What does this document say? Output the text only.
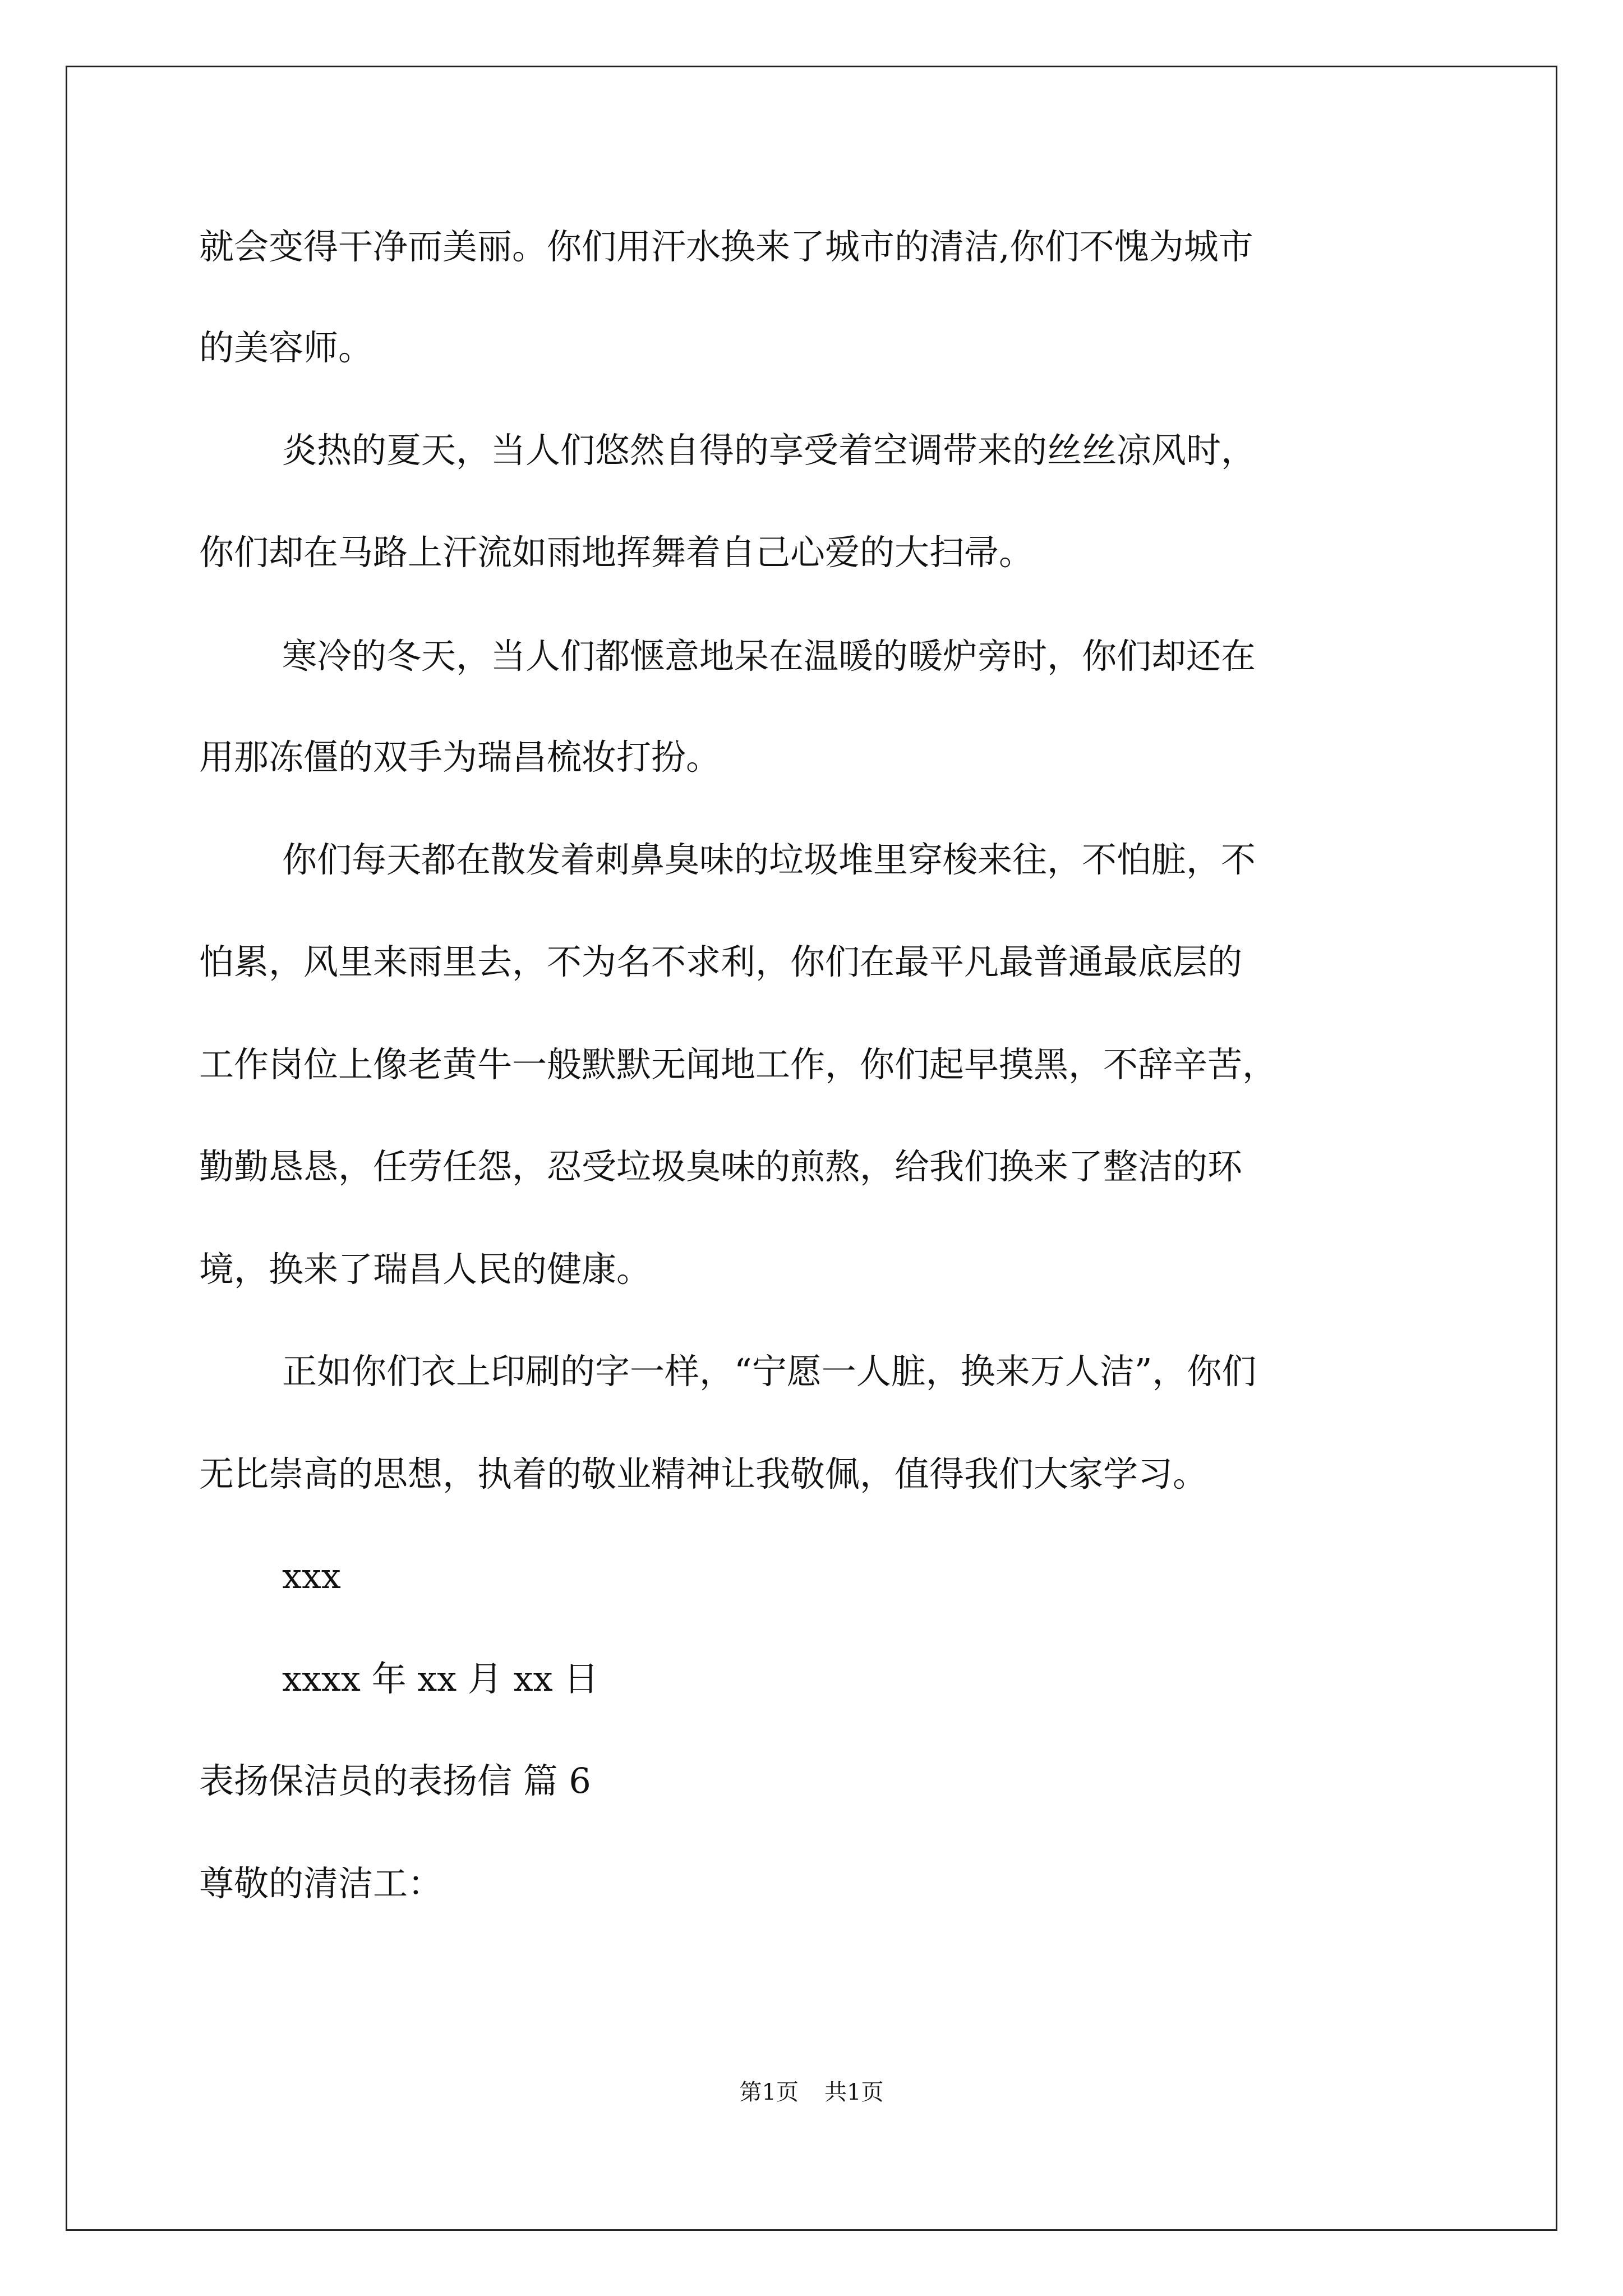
就会变得干净而美丽。你们用汗水换来了城市的清洁,你们不愧为城市
的美容师。
炎热的夏天，当人们悠然自得的享受着空调带来的丝丝凉风时，
你们却在马路上汗流如雨地挥舞着自己心爱的大扫帚。
寒冷的冬天，当人们都惬意地呆在温暖的暖炉旁时，你们却还在
用那冻僵的双手为瑞昌梳妆打扮。
你们每天都在散发着刺鼻臭味的垃圾堆里穿梭来往，不怕脏，不
怕累，风里来雨里去，不为名不求利，你们在最平凡最普通最底层的
工作岗位上像老黄牛一般默默无闻地工作，你们起早摸黑，不辞辛苦，
勤勤恳恳，任劳任怨，忍受垃圾臭味的煎熬，给我们换来了整洁的环
境，换来了瑞昌人民的健康。
正如你们衣上印刷的字一样，“宁愿一人脏，换来万人洁”，你们
无比崇高的思想，执着的敬业精神让我敬佩，值得我们大家学习。
xxx
xxxx 年 xx 月 xx 日
表扬保洁员的表扬信 篇 6
尊敬的清洁工：
第1页 共1页
